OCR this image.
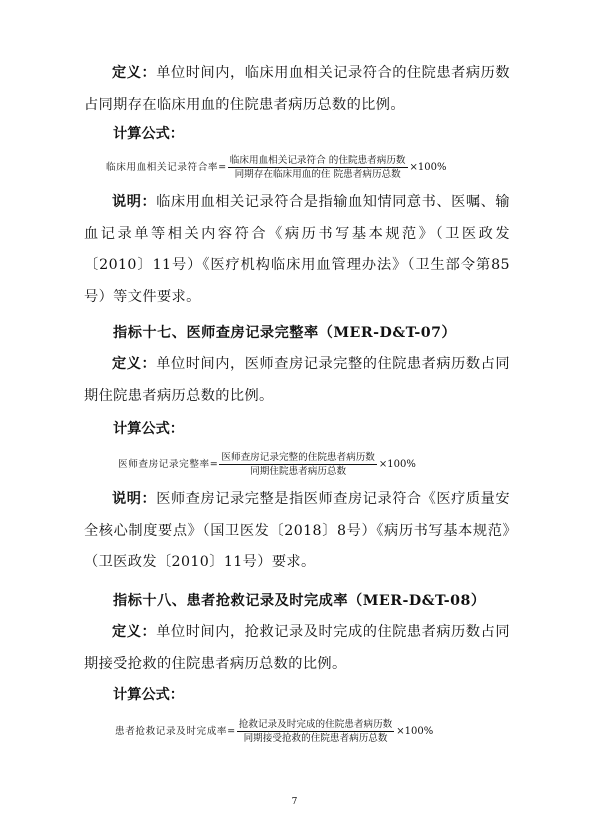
定义：单位时间内，临床用血相关记录符合的住院患者病历数占同期存在临床用血的住院患者病历总数的比例。
计算公式：
临床用血相关记录符合率= $\frac{\text{临床用血相关记录符合 的住院患者病历数}}{\text{同期存在临床用血的住 院患者病历总数}} \times 100\%$
说明：临床用血相关记录符合是指输血知情同意书、医嘱、输血记录单等相关内容符合《病历书写基本规范》（卫医政发〔2010〕11号）《医疗机构临床用血管理办法》（卫生部令第85号）等文件要求。
指标十七、医师查房记录完整率（MER-D&T-07）
定义：单位时间内，医师查房记录完整的住院患者病历数占同期住院患者病历总数的比例。
计算公式：
医师查房记录完整率= $\frac{\text{医师查房记录完整的住院患者病历数}}{\text{同期住院患者病历总数}} \times 100\%$
说明：医师查房记录完整是指医师查房记录符合《医疗质量安全核心制度要点》（国卫医发〔2018〕8号）《病历书写基本规范》（卫医政发〔2010〕11号）要求。
指标十八、患者抢救记录及时完成率（MER-D&T-08）
定义：单位时间内，抢救记录及时完成的住院患者病历数占同期接受抢救的住院患者病历总数的比例。
计算公式：
患者抢救记录及时完成率= $\frac{\text{抢救记录及时完成的住院患者病历数}}{\text{同期接受抢救的住院患者病历总数}} \times 100\%$
7
